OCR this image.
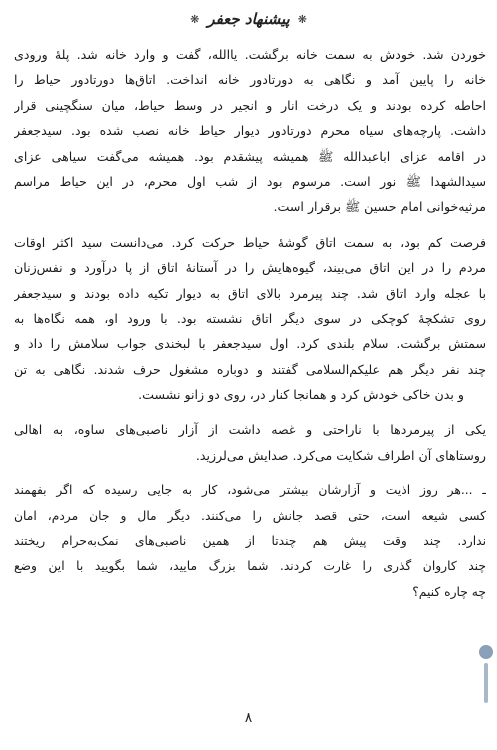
❋ پیشنهاد جعفر ❋
خوردن شد. خودش به سمت خانه برگشت. یاالله، گفت و وارد خانه شد. پلهٔ ورودی
خانه را پایین آمد و نگاهی به دورتادور خانه انداخت. اتاق‌ها دورتادور حیاط را
احاطه کرده بودند و یک درخت انار و انجیر در وسط حیاط، میان سنگچینی قرار
داشت. پارچه‌های سیاه محرم دورتادور دیوار حیاط خانه نصب شده بود. سیدجعفر
در اقامه عزای اباعبدالله ﷺ همیشه پیشقدم بود. همیشه می‌گفت سیاهی عزای
سیدالشهدا ﷺ نور است. مرسوم بود از شب اول محرم، در این حیاط مراسم
مرثیه‌خوانی امام حسین ﷺ برقرار است.
فرصت کم بود، به سمت اتاق گوشهٔ حیاط حرکت کرد. می‌دانست سید اکثر اوقات
مردم را در این اتاق می‌بیند، گیوه‌هایش را در آستانهٔ اتاق از پا درآورد و نفس‌زنان
با عجله وارد اتاق شد. چند پیرمرد بالای اتاق به دیوار تکیه داده بودند و سیدجعفر
روی تشکچهٔ کوچکی در سوی دیگر اتاق نشسته بود. با ورود او، همه نگاه‌ها به
سمتش برگشت. سلام بلندی کرد. اول سیدجعفر با لبخندی جواب سلامش را داد و
چند نفر دیگر هم علیکم‌السلامی گفتند و دوباره مشغول حرف شدند. نگاهی به تن
و بدن خاکی خودش کرد و همانجا کنار در، روی دو زانو نشست.
یکی از پیرمردها با ناراحتی و غصه داشت از آزار ناصبی‌های ساوه، به اهالی
روستاهای آن اطراف شکایت می‌کرد. صدایش می‌لرزید.
ـ ...هر روز اذیت و آزارشان بیشتر می‌شود، کار به جایی رسیده که اگر بفهمند
کسی شیعه است، حتی قصد جانش را می‌کنند. دیگر مال و جان مردم، امان
ندارد. چند وقت پیش هم چندتا از همین ناصبی‌های نمک‌به‌حرام ریختند
چند کاروان گذری را غارت کردند. شما بزرگ مایید، شما بگویید با این وضع
چه چاره کنیم؟
۸
